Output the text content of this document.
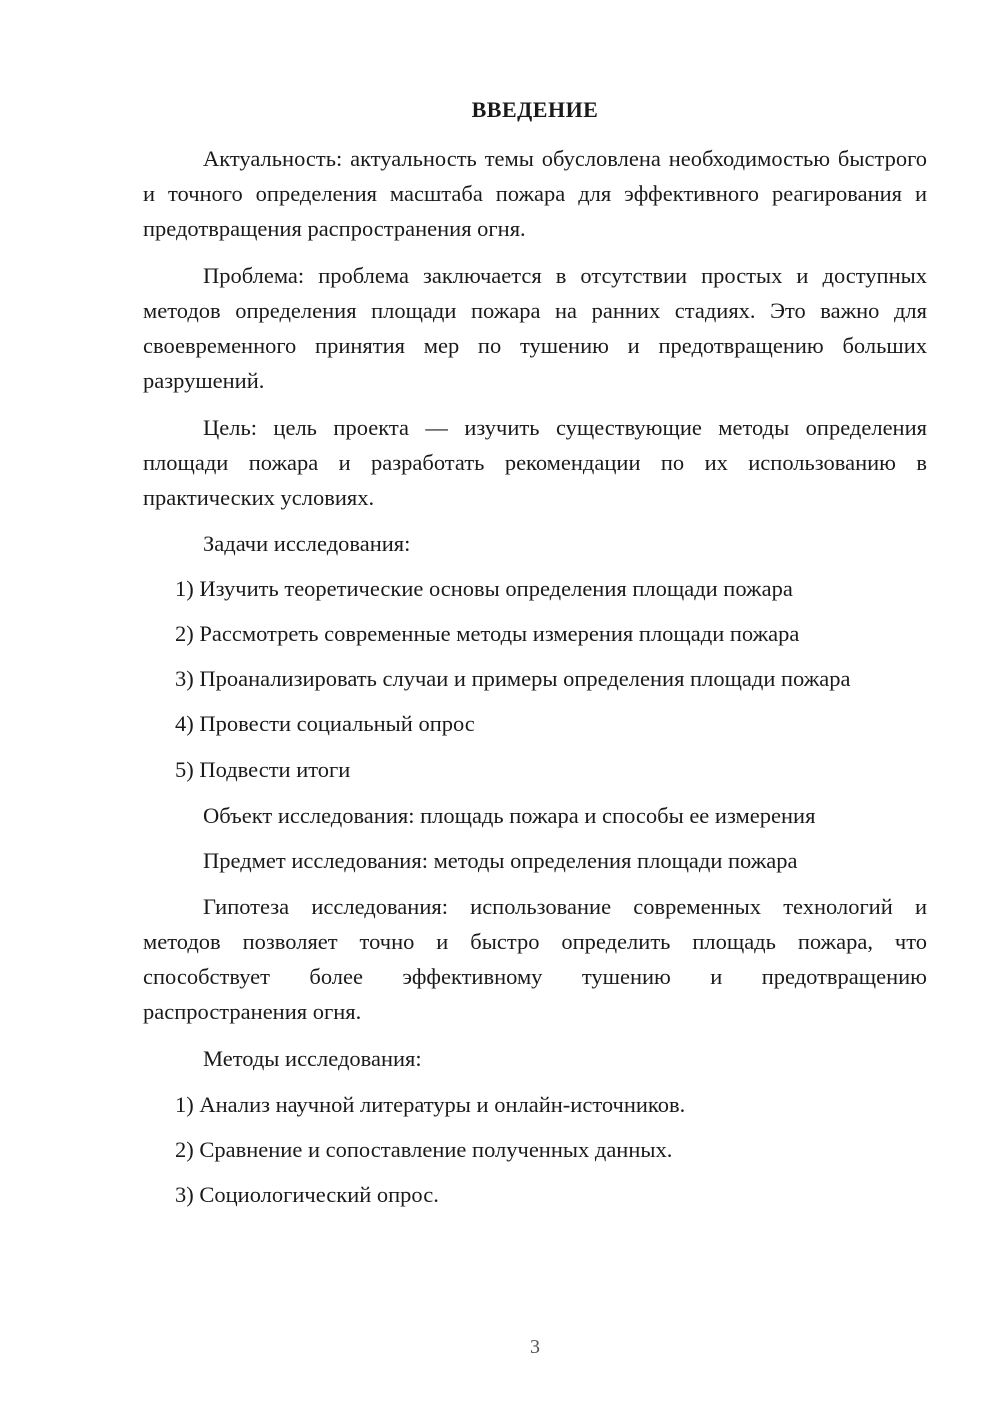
ВВЕДЕНИЕ

Актуальность: актуальность темы обусловлена необходимостью быстрого и точного определения масштаба пожара для эффективного реагирования и предотвращения распространения огня.

Проблема: проблема заключается в отсутствии простых и доступных методов определения площади пожара на ранних стадиях. Это важно для своевременного принятия мер по тушению и предотвращению больших разрушений.

Цель: цель проекта — изучить существующие методы определения площади пожара и разработать рекомендации по их использованию в практических условиях.

Задачи исследования:
1) Изучить теоретические основы определения площади пожара
2) Рассмотреть современные методы измерения площади пожара
3) Проанализировать случаи и примеры определения площади пожара
4) Провести социальный опрос
5) Подвести итоги
Объект исследования: площадь пожара и способы ее измерения
Предмет исследования: методы определения площади пожара

Гипотеза исследования: использование современных технологий и методов позволяет точно и быстро определить площадь пожара, что способствует более эффективному тушению и предотвращению распространения огня.

Методы исследования:
1) Анализ научной литературы и онлайн-источников.
2) Сравнение и сопоставление полученных данных.
3) Социологический опрос.
3
